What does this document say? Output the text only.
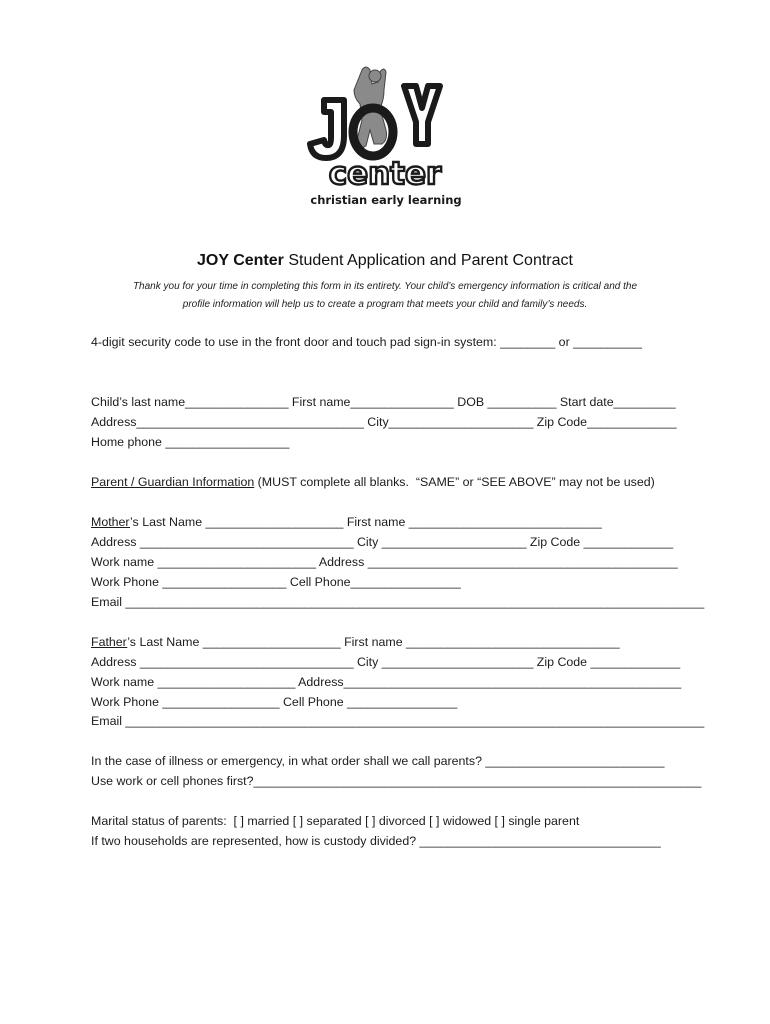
center
christian early learning
JOY Center Student Application and Parent Contract
Thank you for your time in completing this form in its entirety. Your child’s emergency information is critical and the
profile information will help us to create a program that meets your child and family’s needs.
4-digit security code to use in the front door and touch pad sign-in system: ________ or __________
Child’s last name_______________ First name_______________ DOB __________ Start date_________
Address_________________________________ City_____________________ Zip Code_____________
Home phone __________________
Parent / Guardian Information (MUST complete all blanks.  “SAME” or “SEE ABOVE” may not be used)
Mother’s Last Name ____________________ First name ____________________________
Address _______________________________ City _____________________ Zip Code _____________
Work name _______________________ Address _____________________________________________
Work Phone __________________ Cell Phone________________
Email ____________________________________________________________________________________
Father’s Last Name ____________________ First name _______________________________
Address _______________________________ City ______________________ Zip Code _____________
Work name ____________________ Address_________________________________________________
Work Phone _________________ Cell Phone ________________
Email ____________________________________________________________________________________
In the case of illness or emergency, in what order shall we call parents? __________________________
Use work or cell phones first?_________________________________________________________________
Marital status of parents:  [ ] married [ ] separated [ ] divorced [ ] widowed [ ] single parent
If two households are represented, how is custody divided? ___________________________________
